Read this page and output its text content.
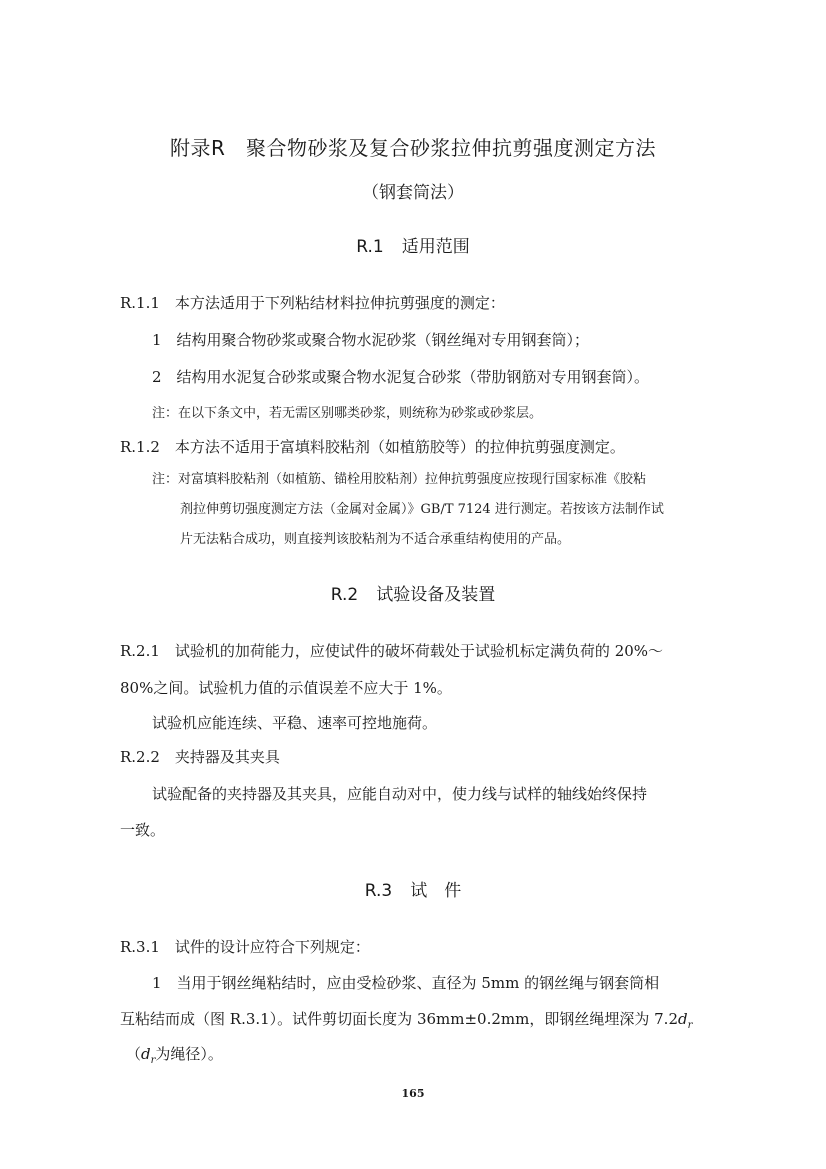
附录R　聚合物砂浆及复合砂浆拉伸抗剪强度测定方法
（钢套筒法）
R.1 适用范围
R.1.1　本方法适用于下列粘结材料拉伸抗剪强度的测定：
1　结构用聚合物砂浆或聚合物水泥砂浆（钢丝绳对专用钢套筒）；
2　结构用水泥复合砂浆或聚合物水泥复合砂浆（带肋钢筋对专用钢套筒）。
注：在以下条文中，若无需区别哪类砂浆，则统称为砂浆或砂浆层。
R.1.2　本方法不适用于富填料胶粘剂（如植筋胶等）的拉伸抗剪强度测定。
注：对富填料胶粘剂（如植筋、锚栓用胶粘剂）拉伸抗剪强度应按现行国家标准《胶粘
剂拉伸剪切强度测定方法（金属对金属）》GB/T 7124 进行测定。若按该方法制作试
片无法粘合成功，则直接判该胶粘剂为不适合承重结构使用的产品。
R.2 试验设备及装置
R.2.1　试验机的加荷能力，应使试件的破坏荷载处于试验机标定满负荷的 20%～
80%之间。试验机力值的示值误差不应大于 1%。
试验机应能连续、平稳、速率可控地施荷。
R.2.2　夹持器及其夹具
试验配备的夹持器及其夹具，应能自动对中，使力线与试样的轴线始终保持
一致。
R.3 试　件
R.3.1　试件的设计应符合下列规定：
1　当用于钢丝绳粘结时，应由受检砂浆、直径为 5mm 的钢丝绳与钢套筒相
互粘结而成（图 R.3.1）。试件剪切面长度为 36mm±0.2mm，即钢丝绳埋深为 $7.2d_r$
（$d_r$为绳径）。
165
